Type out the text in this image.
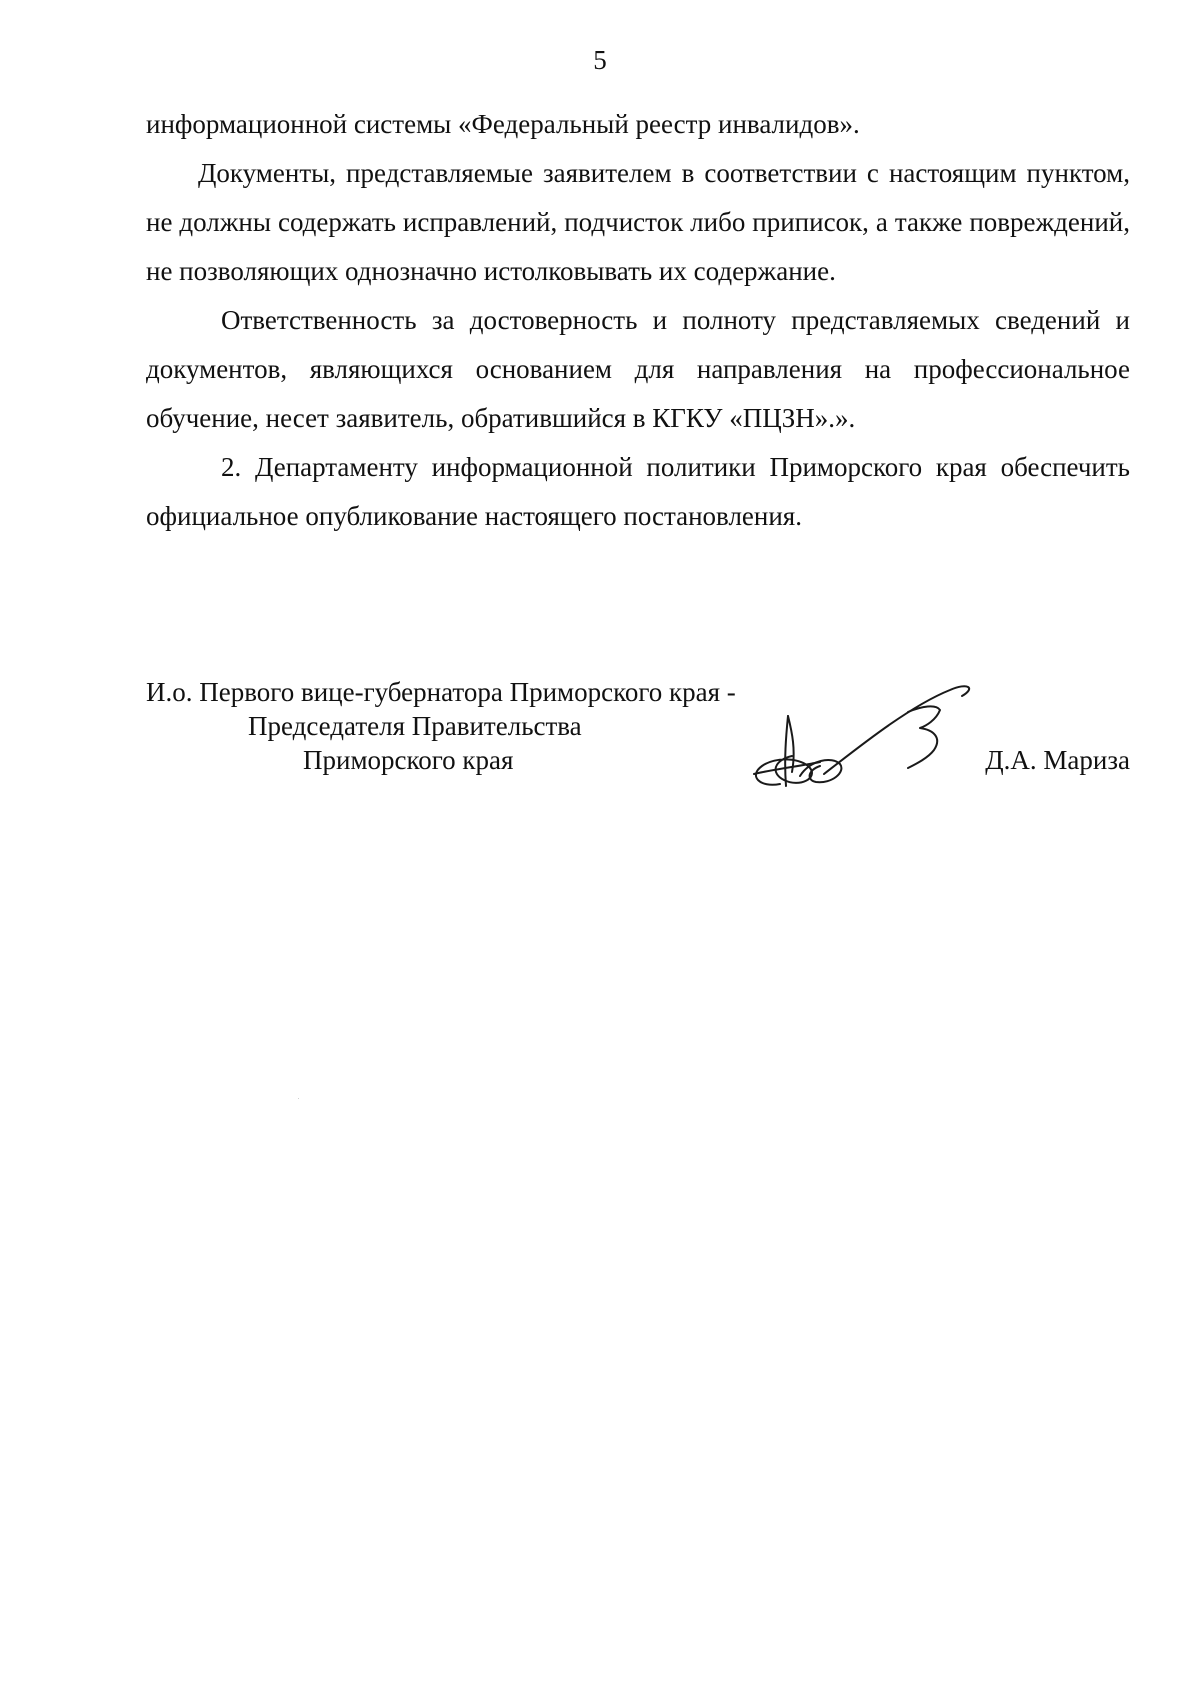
5

информационной системы «Федеральный реестр инвалидов».

Документы, представляемые заявителем в соответствии с настоящим пунктом, не должны содержать исправлений, подчисток либо приписок, а также повреждений, не позволяющих однозначно истолковывать их содержание.

Ответственность за достоверность и полноту представляемых сведений и документов, являющихся основанием для направления на профессиональное обучение, несет заявитель, обратившийся в КГКУ «ПЦЗН».».

2. Департаменту информационной политики Приморского края обеспечить официальное опубликование настоящего постановления.

И.о. Первого вице-губернатора Приморского края -
Председателя Правительства
Приморского края	Д.А. Мариза
